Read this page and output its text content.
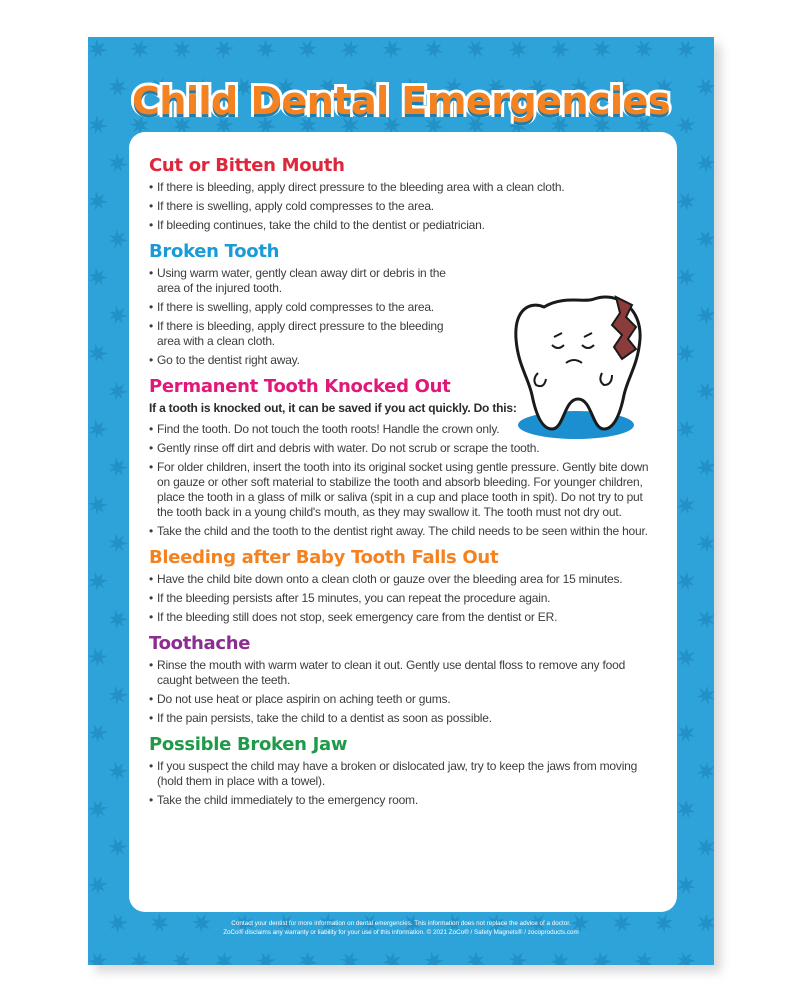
Child Dental Emergencies
Cut or Bitten Mouth
• If there is bleeding, apply direct pressure to the bleeding area with a clean cloth.
• If there is swelling, apply cold compresses to the area.
• If bleeding continues, take the child to the dentist or pediatrician.
Broken Tooth
• Using warm water, gently clean away dirt or debris in the area of the injured tooth.
• If there is swelling, apply cold compresses to the area.
• If there is bleeding, apply direct pressure to the bleeding area with a clean cloth.
• Go to the dentist right away.
Permanent Tooth Knocked Out
If a tooth is knocked out, it can be saved if you act quickly. Do this:
• Find the tooth. Do not touch the tooth roots! Handle the crown only.
• Gently rinse off dirt and debris with water. Do not scrub or scrape the tooth.
• For older children, insert the tooth into its original socket using gentle pressure. Gently bite down on gauze or other soft material to stabilize the tooth and absorb bleeding. For younger children, place the tooth in a glass of milk or saliva (spit in a cup and place tooth in spit). Do not try to put the tooth back in a young child's mouth, as they may swallow it. The tooth must not dry out.
• Take the child and the tooth to the dentist right away. The child needs to be seen within the hour.
Bleeding after Baby Tooth Falls Out
• Have the child bite down onto a clean cloth or gauze over the bleeding area for 15 minutes.
• If the bleeding persists after 15 minutes, you can repeat the procedure again.
• If the bleeding still does not stop, seek emergency care from the dentist or ER.
Toothache
• Rinse the mouth with warm water to clean it out. Gently use dental floss to remove any food caught between the teeth.
• Do not use heat or place aspirin on aching teeth or gums.
• If the pain persists, take the child to a dentist as soon as possible.
Possible Broken Jaw
• If you suspect the child may have a broken or dislocated jaw, try to keep the jaws from moving (hold them in place with a towel).
• Take the child immediately to the emergency room.
Contact your dentist for more information on dental emergencies. This information does not replace the advice of a doctor.
ZoCo® disclaims any warranty or liability for your use of this information. © 2021 ZoCo® / Safety Magnets® / zocoproducts.com
